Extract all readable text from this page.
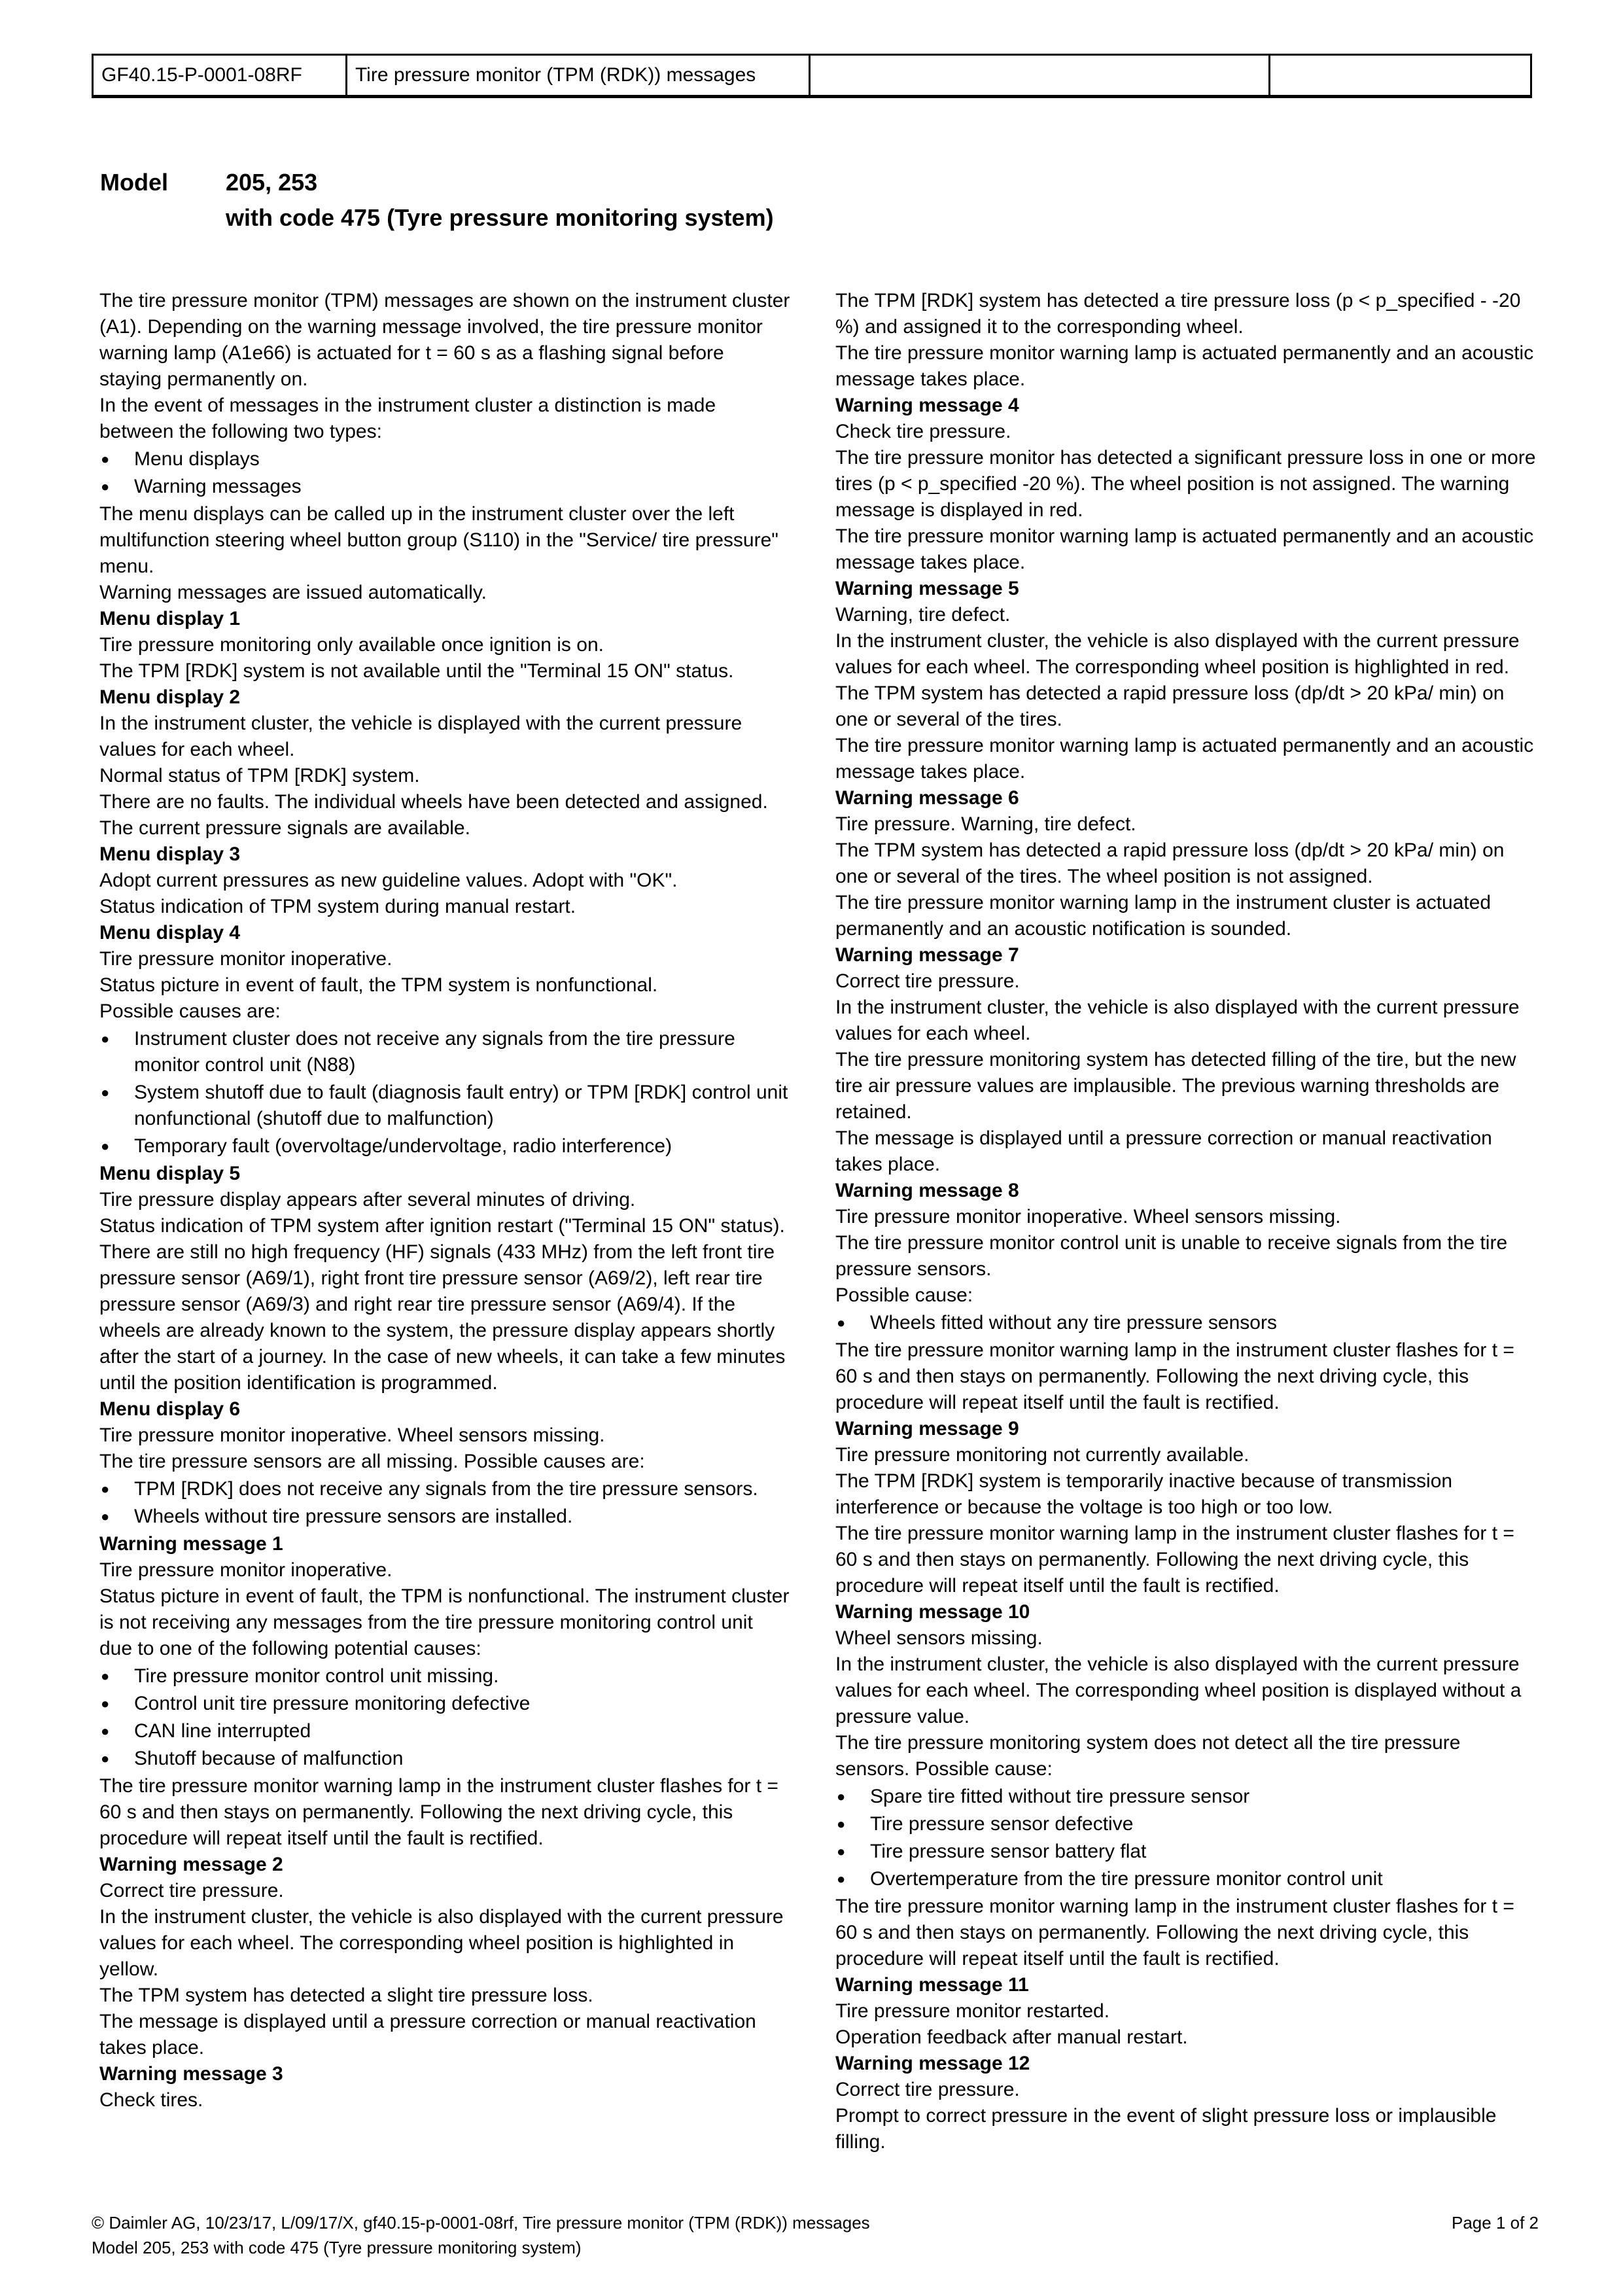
GF40.15-P-0001-08RF	Tire pressure monitor (TPM (RDK)) messages
Model	205, 253
with code 475 (Tyre pressure monitoring system)

The tire pressure monitor (TPM) messages are shown on the instrument cluster (A1). Depending on the warning message involved, the tire pressure monitor warning lamp (A1e66) is actuated for t = 60 s as a flashing signal before staying permanently on.

In the event of messages in the instrument cluster a distinction is made between the following two types:

● Menu displays
● Warning messages

The menu displays can be called up in the instrument cluster over the left multifunction steering wheel button group (S110) in the "Service/ tire pressure" menu.

Warning messages are issued automatically.

Menu display 1

Tire pressure monitoring only available once ignition is on.

The TPM [RDK] system is not available until the "Terminal 15 ON" status.

Menu display 2

In the instrument cluster, the vehicle is displayed with the current pressure values for each wheel.

Normal status of TPM [RDK] system.

There are no faults. The individual wheels have been detected and assigned. The current pressure signals are available.

Menu display 3

Adopt current pressures as new guideline values. Adopt with "OK".

Status indication of TPM system during manual restart.

Menu display 4

Tire pressure monitor inoperative.

Status picture in event of fault, the TPM system is nonfunctional.

Possible causes are:

● Instrument cluster does not receive any signals from the tire pressure monitor control unit (N88)
● System shutoff due to fault (diagnosis fault entry) or TPM [RDK] control unit nonfunctional (shutoff due to malfunction)
● Temporary fault (overvoltage/undervoltage, radio interference)

Menu display 5

Tire pressure display appears after several minutes of driving.

Status indication of TPM system after ignition restart ("Terminal 15 ON" status). There are still no high frequency (HF) signals (433 MHz) from the left front tire pressure sensor (A69/1), right front tire pressure sensor (A69/2), left rear tire pressure sensor (A69/3) and right rear tire pressure sensor (A69/4). If the wheels are already known to the system, the pressure display appears shortly after the start of a journey. In the case of new wheels, it can take a few minutes until the position identification is programmed.

Menu display 6

Tire pressure monitor inoperative. Wheel sensors missing.

The tire pressure sensors are all missing. Possible causes are:

● TPM [RDK] does not receive any signals from the tire pressure sensors.
● Wheels without tire pressure sensors are installed.

Warning message 1

Tire pressure monitor inoperative.

Status picture in event of fault, the TPM is nonfunctional. The instrument cluster is not receiving any messages from the tire pressure monitoring control unit due to one of the following potential causes:

● Tire pressure monitor control unit missing.
● Control unit tire pressure monitoring defective
● CAN line interrupted
● Shutoff because of malfunction

The tire pressure monitor warning lamp in the instrument cluster flashes for t = 60 s and then stays on permanently. Following the next driving cycle, this procedure will repeat itself until the fault is rectified.

Warning message 2

Correct tire pressure.

In the instrument cluster, the vehicle is also displayed with the current pressure values for each wheel. The corresponding wheel position is highlighted in yellow.

The TPM system has detected a slight tire pressure loss.

The message is displayed until a pressure correction or manual reactivation takes place.

Warning message 3

Check tires.

The TPM [RDK] system has detected a tire pressure loss (p < p_specified - -20 %) and assigned it to the corresponding wheel.

The tire pressure monitor warning lamp is actuated permanently and an acoustic message takes place.

Warning message 4

Check tire pressure.

The tire pressure monitor has detected a significant pressure loss in one or more tires (p < p_specified -20 %). The wheel position is not assigned. The warning message is displayed in red.

The tire pressure monitor warning lamp is actuated permanently and an acoustic message takes place.

Warning message 5

Warning, tire defect.

In the instrument cluster, the vehicle is also displayed with the current pressure values for each wheel. The corresponding wheel position is highlighted in red.

The TPM system has detected a rapid pressure loss (dp/dt > 20 kPa/ min) on one or several of the tires.

The tire pressure monitor warning lamp is actuated permanently and an acoustic message takes place.

Warning message 6

Tire pressure. Warning, tire defect.

The TPM system has detected a rapid pressure loss (dp/dt > 20 kPa/ min) on one or several of the tires. The wheel position is not assigned.

The tire pressure monitor warning lamp in the instrument cluster is actuated permanently and an acoustic notification is sounded.

Warning message 7

Correct tire pressure.

In the instrument cluster, the vehicle is also displayed with the current pressure values for each wheel.

The tire pressure monitoring system has detected filling of the tire, but the new tire air pressure values are implausible. The previous warning thresholds are retained.

The message is displayed until a pressure correction or manual reactivation takes place.

Warning message 8

Tire pressure monitor inoperative. Wheel sensors missing.

The tire pressure monitor control unit is unable to receive signals from the tire pressure sensors.

Possible cause:

● Wheels fitted without any tire pressure sensors

The tire pressure monitor warning lamp in the instrument cluster flashes for t = 60 s and then stays on permanently. Following the next driving cycle, this procedure will repeat itself until the fault is rectified.

Warning message 9

Tire pressure monitoring not currently available.

The TPM [RDK] system is temporarily inactive because of transmission interference or because the voltage is too high or too low.

The tire pressure monitor warning lamp in the instrument cluster flashes for t = 60 s and then stays on permanently. Following the next driving cycle, this procedure will repeat itself until the fault is rectified.

Warning message 10

Wheel sensors missing.

In the instrument cluster, the vehicle is also displayed with the current pressure values for each wheel. The corresponding wheel position is displayed without a pressure value.

The tire pressure monitoring system does not detect all the tire pressure sensors. Possible cause:

● Spare tire fitted without tire pressure sensor
● Tire pressure sensor defective
● Tire pressure sensor battery flat
● Overtemperature from the tire pressure monitor control unit

The tire pressure monitor warning lamp in the instrument cluster flashes for t = 60 s and then stays on permanently. Following the next driving cycle, this procedure will repeat itself until the fault is rectified.

Warning message 11

Tire pressure monitor restarted.

Operation feedback after manual restart.

Warning message 12

Correct tire pressure.

Prompt to correct pressure in the event of slight pressure loss or implausible filling.

© Daimler AG, 10/23/17, L/09/17/X, gf40.15-p-0001-08rf, Tire pressure monitor (TPM (RDK)) messages	Page 1 of 2
Model 205, 253 with code 475 (Tyre pressure monitoring system)
